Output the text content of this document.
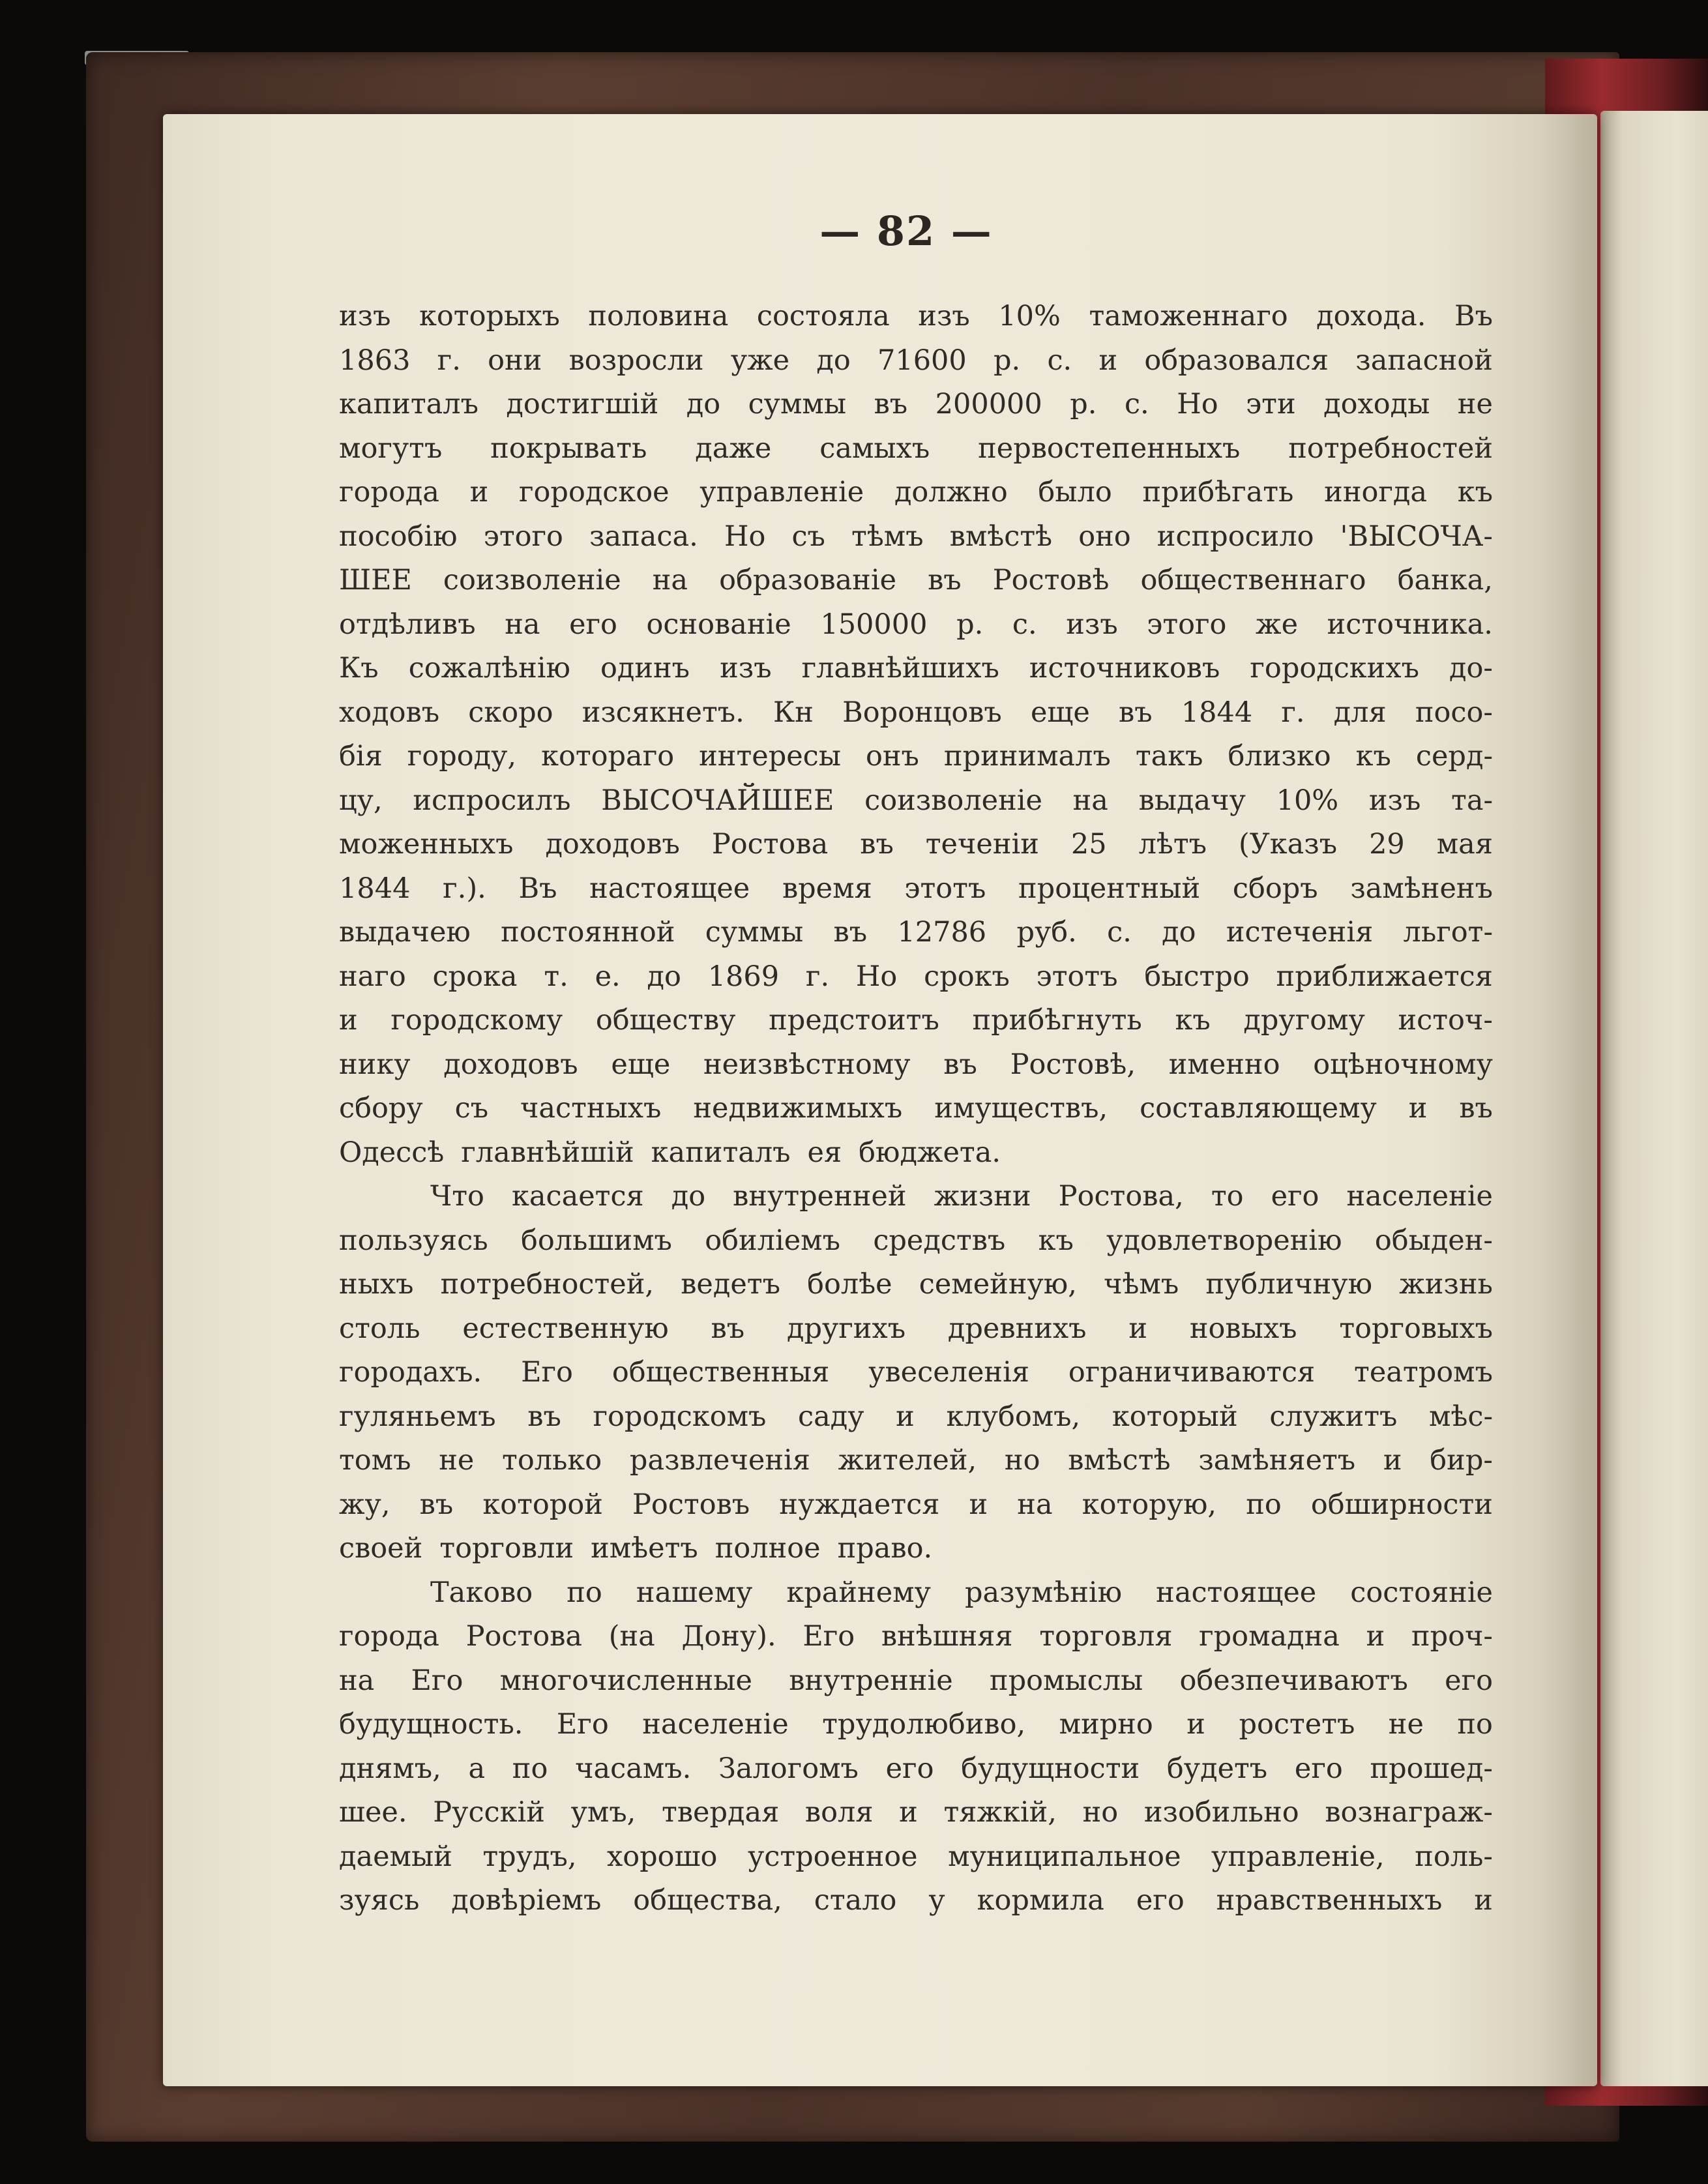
— 82 —
изъ которыхъ половина состояла изъ 10% таможеннаго дохода. Въ
1863 г. они возросли уже до 71600 р. с. и образовался запасной
капиталъ достигшій до суммы въ 200000 р. с. Но эти доходы не
могутъ покрывать даже самыхъ первостепенныхъ потребностей
города и городское управленіе должно было прибѣгать иногда къ
пособію этого запаса. Но съ тѣмъ вмѣстѣ оно испросило 'ВЫСОЧА-
ШЕЕ соизволеніе на образованіе въ Ростовѣ общественнаго банка,
отдѣливъ на его основаніе 150000 р. с. изъ этого же источника.
Къ сожалѣнію одинъ изъ главнѣйшихъ источниковъ городскихъ до-
ходовъ скоро изсякнетъ. Кн Воронцовъ еще въ 1844 г. для посо-
бія городу, котораго интересы онъ принималъ такъ близко къ серд-
цу, испросилъ ВЫСОЧАЙШЕЕ соизволеніе на выдачу 10% изъ та-
моженныхъ доходовъ Ростова въ теченіи 25 лѣтъ (Указъ 29 мая
1844 г.). Въ настоящее время этотъ процентный сборъ замѣненъ
выдачею постоянной суммы въ 12786 руб. с. до истеченія льгот-
наго срока т. е. до 1869 г. Но срокъ этотъ быстро приближается
и городскому обществу предстоитъ прибѣгнуть къ другому источ-
нику доходовъ еще неизвѣстному въ Ростовѣ, именно оцѣночному
сбору съ частныхъ недвижимыхъ имуществъ, составляющему и въ
Одессѣ главнѣйшій капиталъ ея бюджета.
Что касается до внутренней жизни Ростова, то его населеніе
пользуясь большимъ обиліемъ средствъ къ удовлетворенію обыден-
ныхъ потребностей, ведетъ болѣе семейную, чѣмъ публичную жизнь
столь естественную въ другихъ древнихъ и новыхъ торговыхъ
городахъ. Его общественныя увеселенія ограничиваются театромъ
гуляньемъ въ городскомъ саду и клубомъ, который служитъ мѣс-
томъ не только развлеченія жителей, но вмѣстѣ замѣняетъ и бир-
жу, въ которой Ростовъ нуждается и на которую, по обширности
своей торговли имѣетъ полное право.
Таково по нашему крайнему разумѣнію настоящее состояніе
города Ростова (на Дону). Его внѣшняя торговля громадна и проч-
на Его многочисленные внутренніе промыслы обезпечиваютъ его
будущность. Его населеніе трудолюбиво, мирно и ростетъ не по
днямъ, а по часамъ. Залогомъ его будущности будетъ его прошед-
шее. Русскій умъ, твердая воля и тяжкій, но изобильно вознаграж-
даемый трудъ, хорошо устроенное муниципальное управленіе, поль-
зуясь довѣріемъ общества, стало у кормила его нравственныхъ и
